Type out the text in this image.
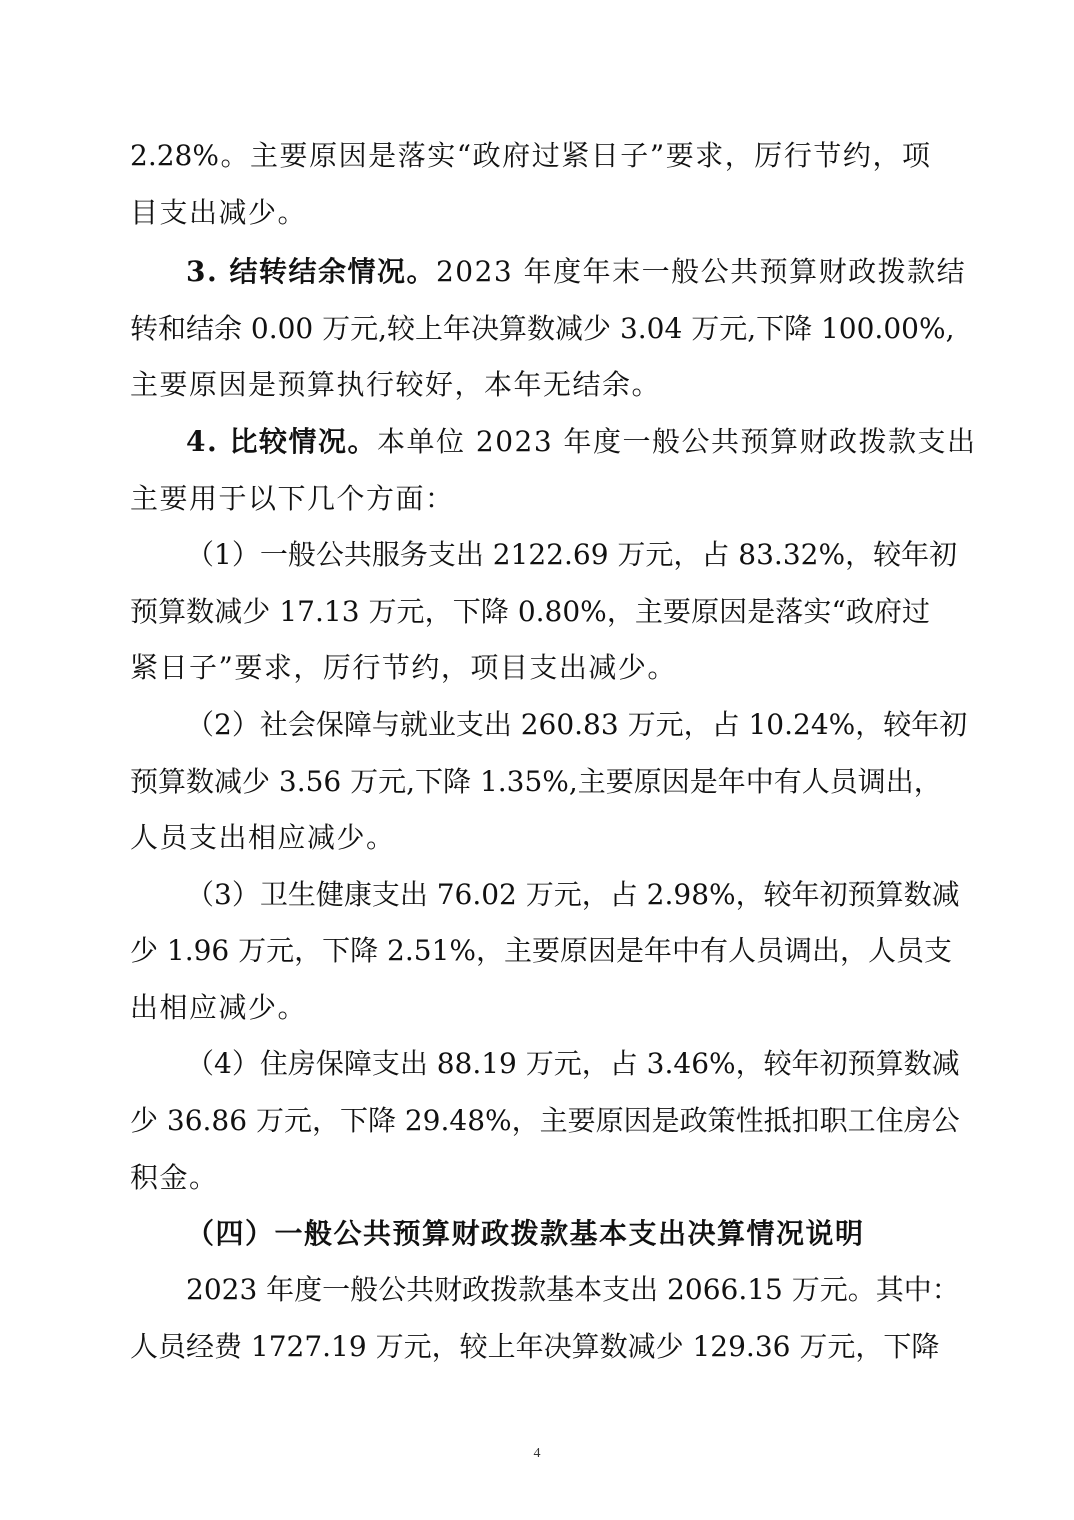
2.28%。主要原因是落实“政府过紧日子”要求，厉行节约，项
目支出减少。
3. 结转结余情况。 2023 年度年末一般公共预算财政拨款结
转和结余 0.00 万元,较上年决算数减少 3.04 万元,下降 100.00%,
主要原因是预算执行较好，本年无结余。
4. 比较情况。 本单位 2023 年度一般公共预算财政拨款支出
主要用于以下几个方面：
（1）一般公共服务支出 2122.69 万元，占 83.32%，较年初
预算数减少 17.13 万元，下降 0.80%，主要原因是落实“政府过
紧日子”要求，厉行节约，项目支出减少。
（2）社会保障与就业支出 260.83 万元，占 10.24%，较年初
预算数减少 3.56 万元,下降 1.35%,主要原因是年中有人员调出，
人员支出相应减少。
（3）卫生健康支出 76.02 万元，占 2.98%，较年初预算数减
少 1.96 万元，下降 2.51%，主要原因是年中有人员调出，人员支
出相应减少。
（4）住房保障支出 88.19 万元，占 3.46%，较年初预算数减
少 36.86 万元，下降 29.48%，主要原因是政策性抵扣职工住房公
积金。
（四）一般公共预算财政拨款基本支出决算情况说明
2023 年度一般公共财政拨款基本支出 2066.15 万元。其中：
人员经费 1727.19 万元，较上年决算数减少 129.36 万元，下降
4
